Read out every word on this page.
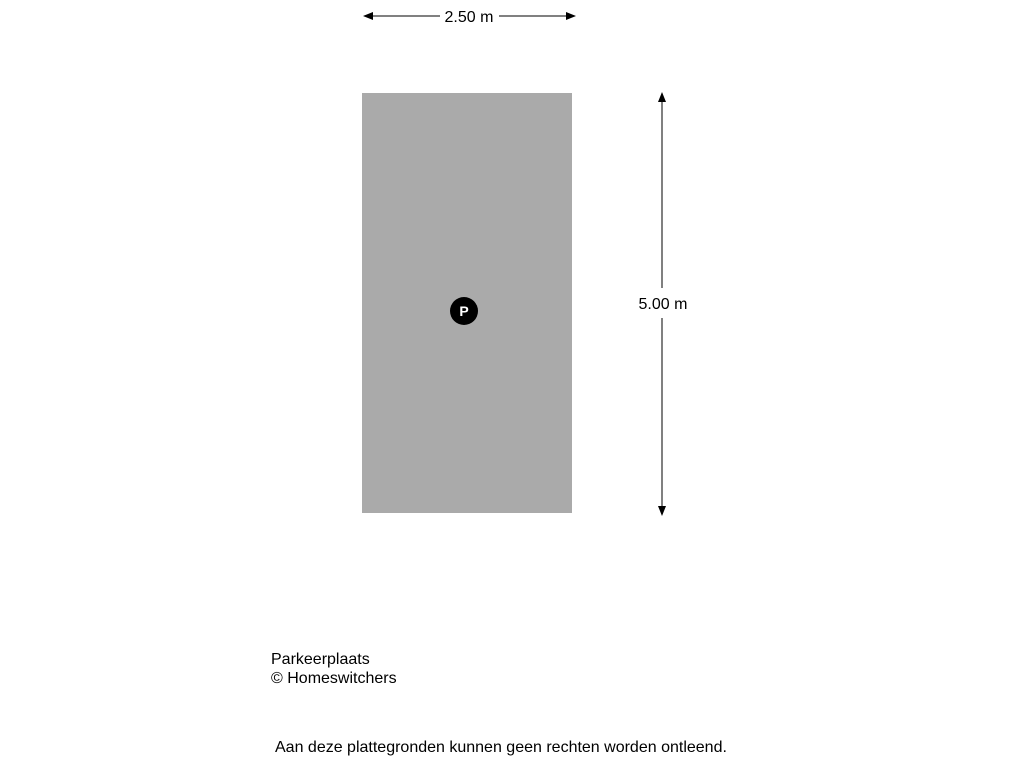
2.50 m
5.00 m
P
Parkeerplaats
© Homeswitchers
Aan deze plattegronden kunnen geen rechten worden ontleend.
